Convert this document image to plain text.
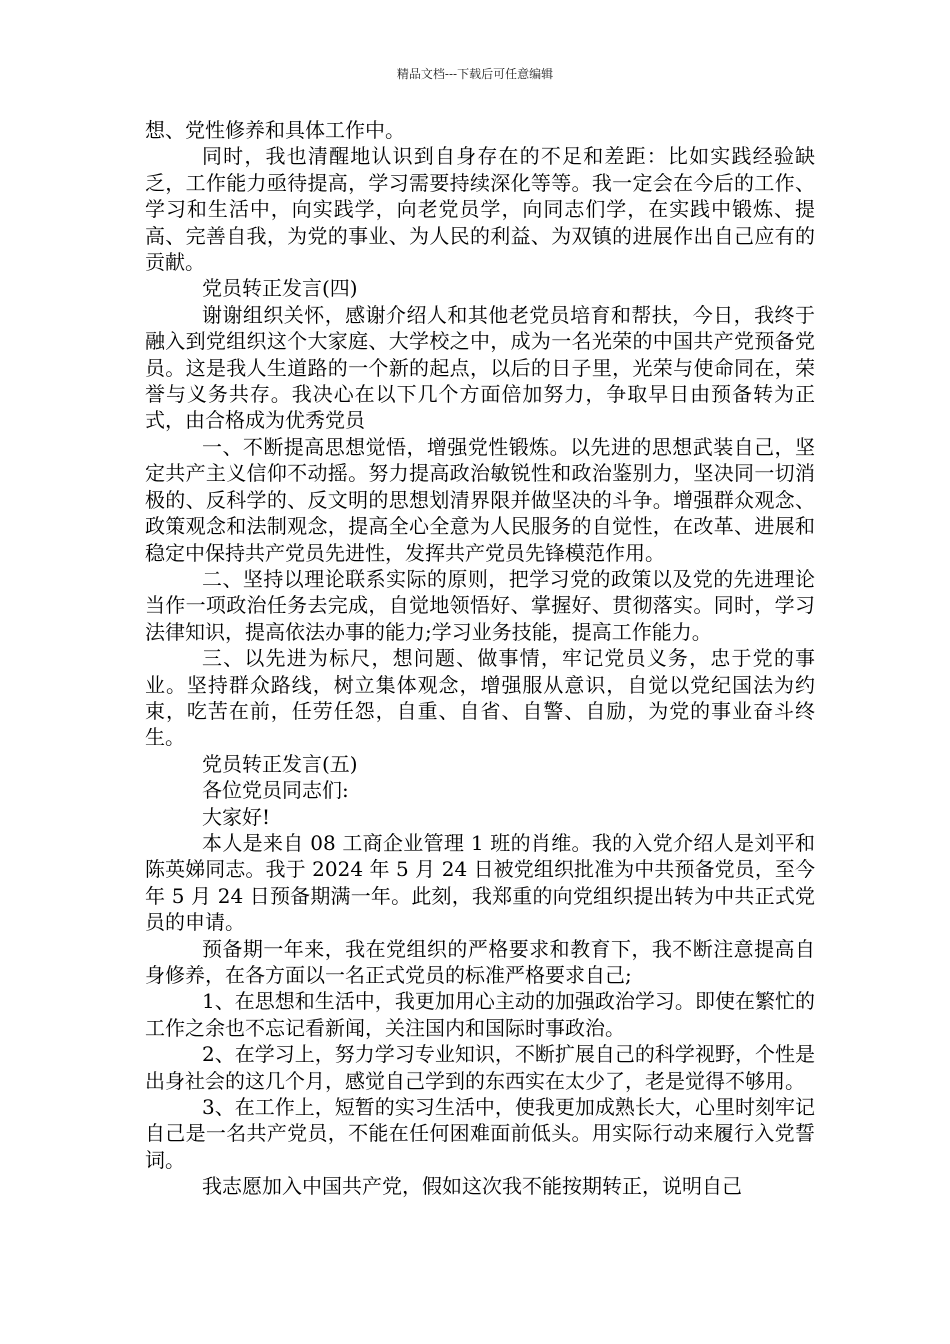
精品文档---下载后可任意编辑

想、党性修养和具体工作中。

同时，我也清醒地认识到自身存在的不足和差距：比如实践经验缺乏，工作能力亟待提高，学习需要持续深化等等。我一定会在今后的工作、学习和生活中，向实践学，向老党员学，向同志们学，在实践中锻炼、提高、完善自我，为党的事业、为人民的利益、为双镇的进展作出自己应有的贡献。

党员转正发言(四)

谢谢组织关怀，感谢介绍人和其他老党员培育和帮扶，今日，我终于融入到党组织这个大家庭、大学校之中，成为一名光荣的中国共产党预备党员。这是我人生道路的一个新的起点，以后的日子里，光荣与使命同在，荣誉与义务共存。我决心在以下几个方面倍加努力，争取早日由预备转为正式，由合格成为优秀党员

一、不断提高思想觉悟，增强党性锻炼。以先进的思想武装自己，坚定共产主义信仰不动摇。努力提高政治敏锐性和政治鉴别力，坚决同一切消极的、反科学的、反文明的思想划清界限并做坚决的斗争。增强群众观念、政策观念和法制观念，提高全心全意为人民服务的自觉性，在改革、进展和稳定中保持共产党员先进性，发挥共产党员先锋模范作用。

二、坚持以理论联系实际的原则，把学习党的政策以及党的先进理论当作一项政治任务去完成，自觉地领悟好、掌握好、贯彻落实。同时，学习法律知识，提高依法办事的能力;学习业务技能，提高工作能力。

三、以先进为标尺，想问题、做事情，牢记党员义务，忠于党的事业。坚持群众路线，树立集体观念，增强服从意识，自觉以党纪国法为约束，吃苦在前，任劳任怨，自重、自省、自警、自励，为党的事业奋斗终生。

党员转正发言(五)

各位党员同志们:

大家好!

本人是来自 08 工商企业管理 1 班的肖维。我的入党介绍人是刘平和陈英娣同志。我于 2024 年 5 月 24 日被党组织批准为中共预备党员，至今年 5 月 24 日预备期满一年。此刻，我郑重的向党组织提出转为中共正式党员的申请。

预备期一年来，我在党组织的严格要求和教育下，我不断注意提高自身修养，在各方面以一名正式党员的标准严格要求自己;

1、在思想和生活中，我更加用心主动的加强政治学习。即使在繁忙的工作之余也不忘记看新闻，关注国内和国际时事政治。

2、在学习上，努力学习专业知识，不断扩展自己的科学视野，个性是出身社会的这几个月，感觉自己学到的东西实在太少了，老是觉得不够用。

3、在工作上，短暂的实习生活中，使我更加成熟长大，心里时刻牢记自己是一名共产党员，不能在任何困难面前低头。用实际行动来履行入党誓词。

我志愿加入中国共产党，假如这次我不能按期转正，说明自己
